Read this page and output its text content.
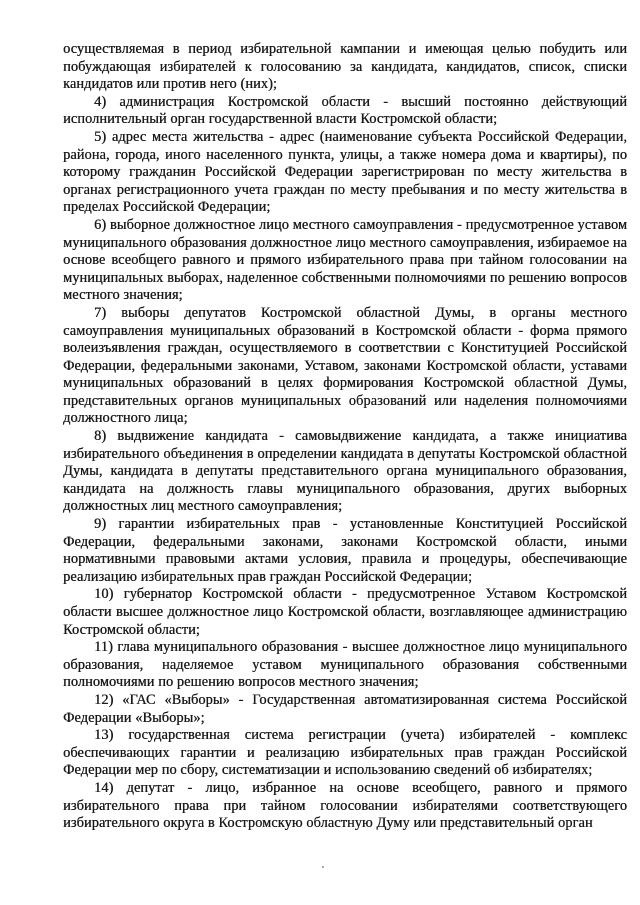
осуществляемая в период избирательной кампании и имеющая целью побудить или побуждающая избирателей к голосованию за кандидата, кандидатов, список, списки кандидатов или против него (них);

4) администрация Костромской области - высший постоянно действующий исполнительный орган государственной власти Костромской области;

5) адрес места жительства - адрес (наименование субъекта Российской Федерации, района, города, иного населенного пункта, улицы, а также номера дома и квартиры), по которому гражданин Российской Федерации зарегистрирован по месту жительства в органах регистрационного учета граждан по месту пребывания и по месту жительства в пределах Российской Федерации;

6) выборное должностное лицо местного самоуправления - предусмотренное уставом муниципального образования должностное лицо местного самоуправления, избираемое на основе всеобщего равного и прямого избирательного права при тайном голосовании на муниципальных выборах, наделенное собственными полномочиями по решению вопросов местного значения;

7) выборы депутатов Костромской областной Думы, в органы местного самоуправления муниципальных образований в Костромской области - форма прямого волеизъявления граждан, осуществляемого в соответствии с Конституцией Российской Федерации, федеральными законами, Уставом, законами Костромской области, уставами муниципальных образований в целях формирования Костромской областной Думы, представительных органов муниципальных образований или наделения полномочиями должностного лица;

8) выдвижение кандидата - самовыдвижение кандидата, а также инициатива избирательного объединения в определении кандидата в депутаты Костромской областной Думы, кандидата в депутаты представительного органа муниципального образования, кандидата на должность главы муниципального образования, других выборных должностных лиц местного самоуправления;

9) гарантии избирательных прав - установленные Конституцией Российской Федерации, федеральными законами, законами Костромской области, иными нормативными правовыми актами условия, правила и процедуры, обеспечивающие реализацию избирательных прав граждан Российской Федерации;

10) губернатор Костромской области - предусмотренное Уставом Костромской области высшее должностное лицо Костромской области, возглавляющее администрацию Костромской области;

11) глава муниципального образования - высшее должностное лицо муниципального образования, наделяемое уставом муниципального образования собственными полномочиями по решению вопросов местного значения;

12) «ГАС «Выборы» - Государственная автоматизированная система Российской Федерации «Выборы»;

13) государственная система регистрации (учета) избирателей - комплекс обеспечивающих гарантии и реализацию избирательных прав граждан Российской Федерации мер по сбору, систематизации и использованию сведений об избирателях;

14) депутат - лицо, избранное на основе всеобщего, равного и прямого избирательного права при тайном голосовании избирателями соответствующего избирательного округа в Костромскую областную Думу или представительный орган
